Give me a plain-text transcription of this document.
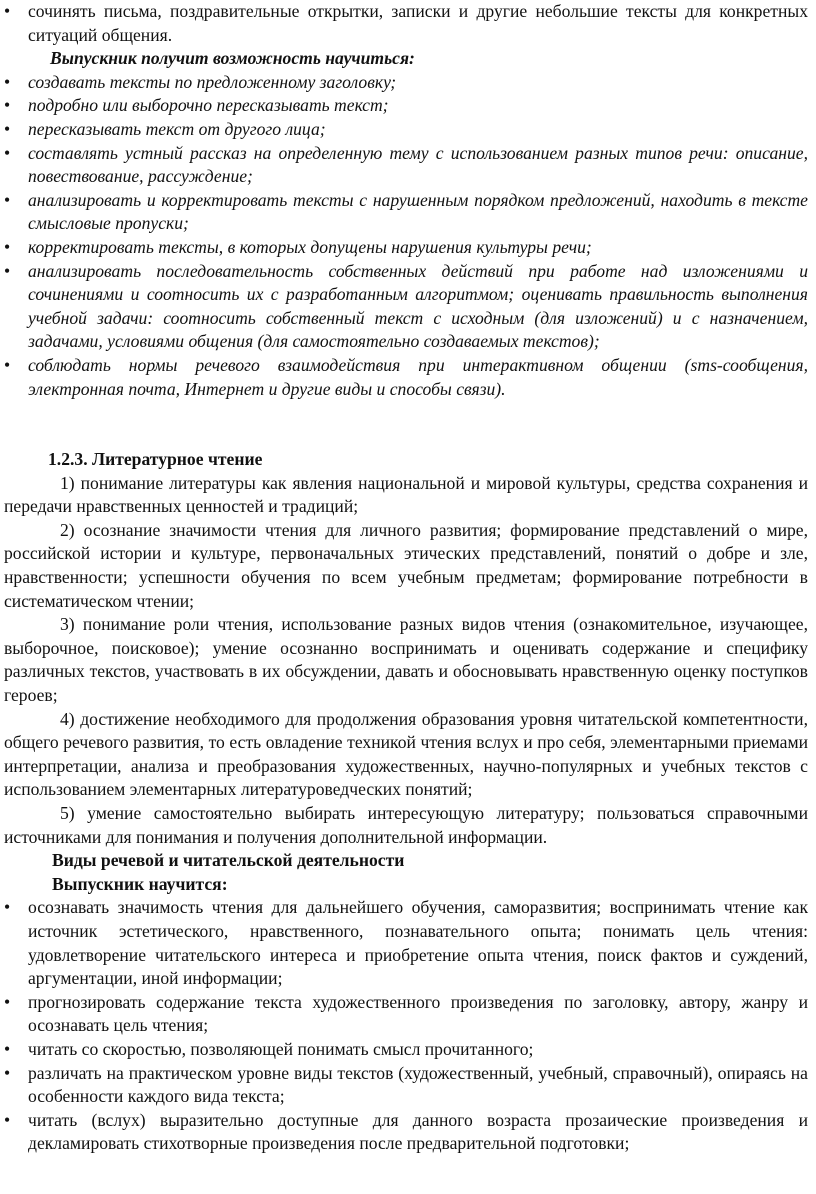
• сочинять письма, поздравительные открытки, записки и другие небольшие тексты для конкретных ситуаций общения.

Выпускник получит возможность научиться:

• создавать тексты по предложенному заголовку;
• подробно или выборочно пересказывать текст;
• пересказывать текст от другого лица;
• составлять устный рассказ на определенную тему с использованием разных типов речи: описание, повествование, рассуждение;
• анализировать и корректировать тексты с нарушенным порядком предложений, находить в тексте смысловые пропуски;
• корректировать тексты, в которых допущены нарушения культуры речи;
• анализировать последовательность собственных действий при работе над изложениями и сочинениями и соотносить их с разработанным алгоритмом; оценивать правильность выполнения учебной задачи: соотносить собственный текст с исходным (для изложений) и с назначением, задачами, условиями общения (для самостоятельно создаваемых текстов);
• соблюдать нормы речевого взаимодействия при интерактивном общении (sms-сообщения, электронная почта, Интернет и другие виды и способы связи).

1.2.3. Литературное чтение

1) понимание литературы как явления национальной и мировой культуры, средства сохранения и передачи нравственных ценностей и традиций;

2) осознание значимости чтения для личного развития; формирование представлений о мире, российской истории и культуре, первоначальных этических представлений, понятий о добре и зле, нравственности; успешности обучения по всем учебным предметам; формирование потребности в систематическом чтении;

3) понимание роли чтения, использование разных видов чтения (ознакомительное, изучающее, выборочное, поисковое); умение осознанно воспринимать и оценивать содержание и специфику различных текстов, участвовать в их обсуждении, давать и обосновывать нравственную оценку поступков героев;

4) достижение необходимого для продолжения образования уровня читательской компетентности, общего речевого развития, то есть овладение техникой чтения вслух и про себя, элементарными приемами интерпретации, анализа и преобразования художественных, научно-популярных и учебных текстов с использованием элементарных литературоведческих понятий;

5) умение самостоятельно выбирать интересующую литературу; пользоваться справочными источниками для понимания и получения дополнительной информации.

Виды речевой и читательской деятельности

Выпускник научится:

• осознавать значимость чтения для дальнейшего обучения, саморазвития; воспринимать чтение как источник эстетического, нравственного, познавательного опыта; понимать цель чтения: удовлетворение читательского интереса и приобретение опыта чтения, поиск фактов и суждений, аргументации, иной информации;
• прогнозировать содержание текста художественного произведения по заголовку, автору, жанру и осознавать цель чтения;
• читать со скоростью, позволяющей понимать смысл прочитанного;
• различать на практическом уровне виды текстов (художественный, учебный, справочный), опираясь на особенности каждого вида текста;
• читать (вслух) выразительно доступные для данного возраста прозаические произведения и декламировать стихотворные произведения после предварительной подготовки;
